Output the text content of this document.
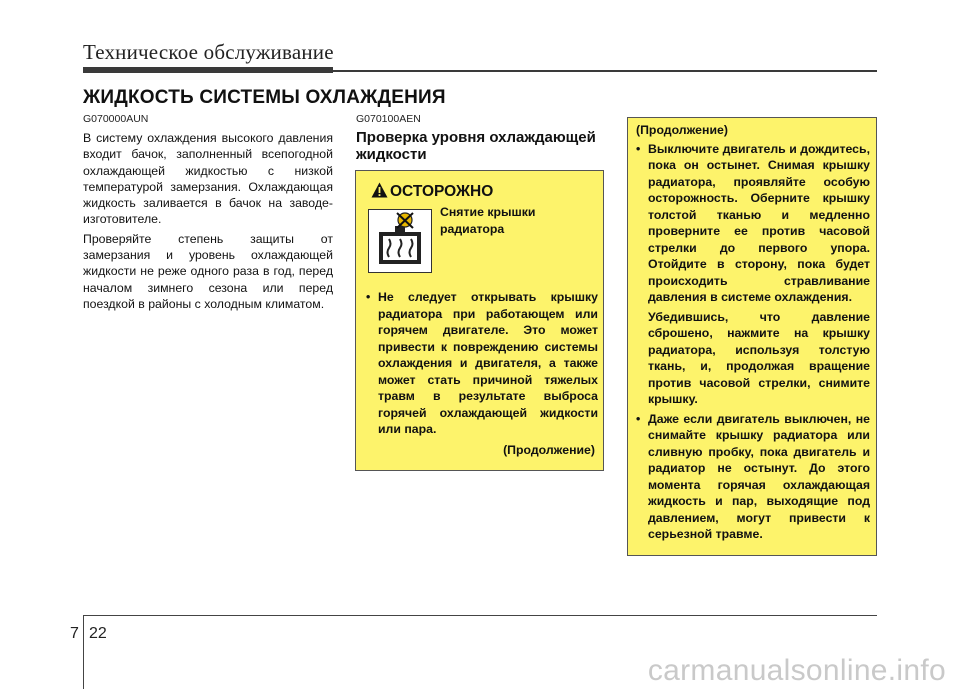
Техническое обслуживание
ЖИДКОСТЬ СИСТЕМЫ ОХЛАЖДЕНИЯ
G070000AUN

В систему охлаждения высокого давления входит бачок, заполненный всепогодной охлаждающей жидкостью с низкой температурой замерзания. Охлаждающая жидкость заливается в бачок на заводе-изготовителе.

Проверяйте степень защиты от замерзания и уровень охлаждающей жидкости не реже одного раза в год, перед началом зимнего сезона или перед поездкой в районы с холодным климатом.

G070100AEN
Проверка уровня охлаждающей жидкости
ОСТОРОЖНО
Снятие крышки радиатора
• Не следует открывать крышку радиатора при работающем или горячем двигателе. Это может привести к повреждению системы охлаждения и двигателя, а также может стать причиной тяжелых травм в результате выброса горячей охлаждающей жидкости или пара.
(Продолжение)
(Продолжение)
• Выключите двигатель и дождитесь, пока он остынет. Снимая крышку радиатора, проявляйте особую осторожность. Оберните крышку толстой тканью и медленно проверните ее против часовой стрелки до первого упора. Отойдите в сторону, пока будет происходить стравливание давления в системе охлаждения.
Убедившись, что давление сброшено, нажмите на крышку радиатора, используя толстую ткань, и, продолжая вращение против часовой стрелки, снимите крышку.
• Даже если двигатель выключен, не снимайте крышку радиатора или сливную пробку, пока двигатель и радиатор не остынут. До этого момента горячая охлаждающая жидкость и пар, выходящие под давлением, могут привести к серьезной травме.
7 22
carmanualsonline.info
